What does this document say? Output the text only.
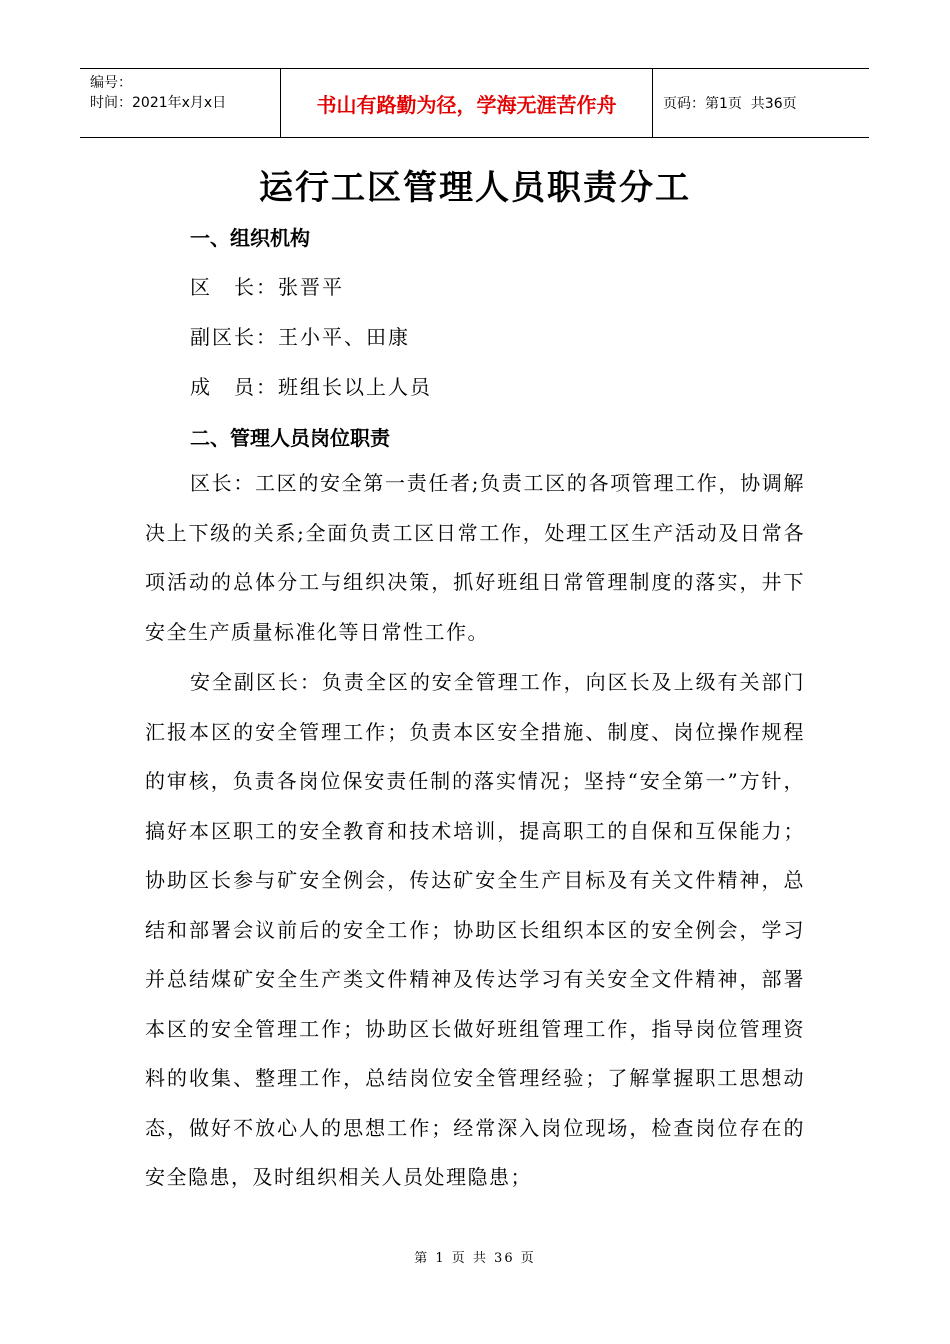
编号：
时间：2021年x月x日	书山有路勤为径，学海无涯苦作舟	页码：第1页  共36页
运行工区管理人员职责分工
一、组织机构
区　长：张晋平
副区长：王小平、田康
成　员：班组长以上人员
二、管理人员岗位职责
区长：工区的安全第一责任者;负责工区的各项管理工作，协调解决上下级的关系;全面负责工区日常工作，处理工区生产活动及日常各项活动的总体分工与组织决策，抓好班组日常管理制度的落实，井下安全生产质量标准化等日常性工作。
安全副区长：负责全区的安全管理工作，向区长及上级有关部门汇报本区的安全管理工作；负责本区安全措施、制度、岗位操作规程的审核，负责各岗位保安责任制的落实情况；坚持“安全第一”方针，搞好本区职工的安全教育和技术培训，提高职工的自保和互保能力；协助区长参与矿安全例会，传达矿安全生产目标及有关文件精神，总结和部署会议前后的安全工作；协助区长组织本区的安全例会，学习并总结煤矿安全生产类文件精神及传达学习有关安全文件精神，部署本区的安全管理工作；协助区长做好班组管理工作，指导岗位管理资料的收集、整理工作，总结岗位安全管理经验；了解掌握职工思想动态，做好不放心人的思想工作；经常深入岗位现场，检查岗位存在的安全隐患，及时组织相关人员处理隐患；
第 1 页 共 36 页
